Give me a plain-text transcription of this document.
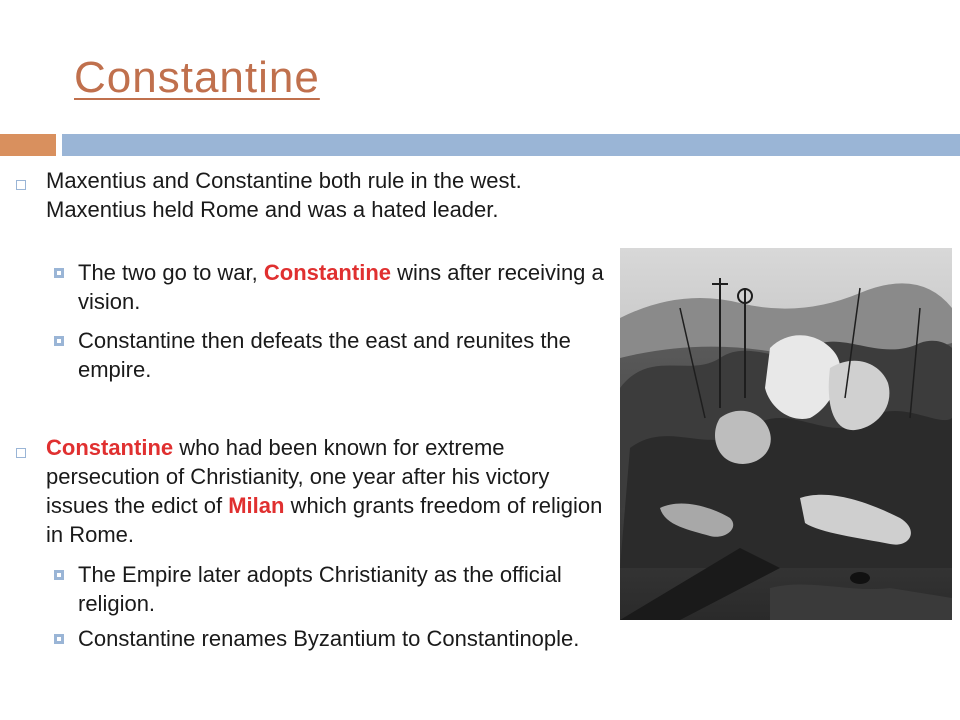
Constantine
Maxentius and Constantine both rule in the west. Maxentius held Rome and was a hated leader.
The two go to war, Constantine wins after receiving a vision.
Constantine then defeats the east and reunites the empire.
Constantine who had been known for extreme persecution of Christianity, one year after his victory issues the edict of Milan which grants freedom of religion in Rome.
The Empire later adopts Christianity as the official religion.
Constantine renames Byzantium to Constantinople.
